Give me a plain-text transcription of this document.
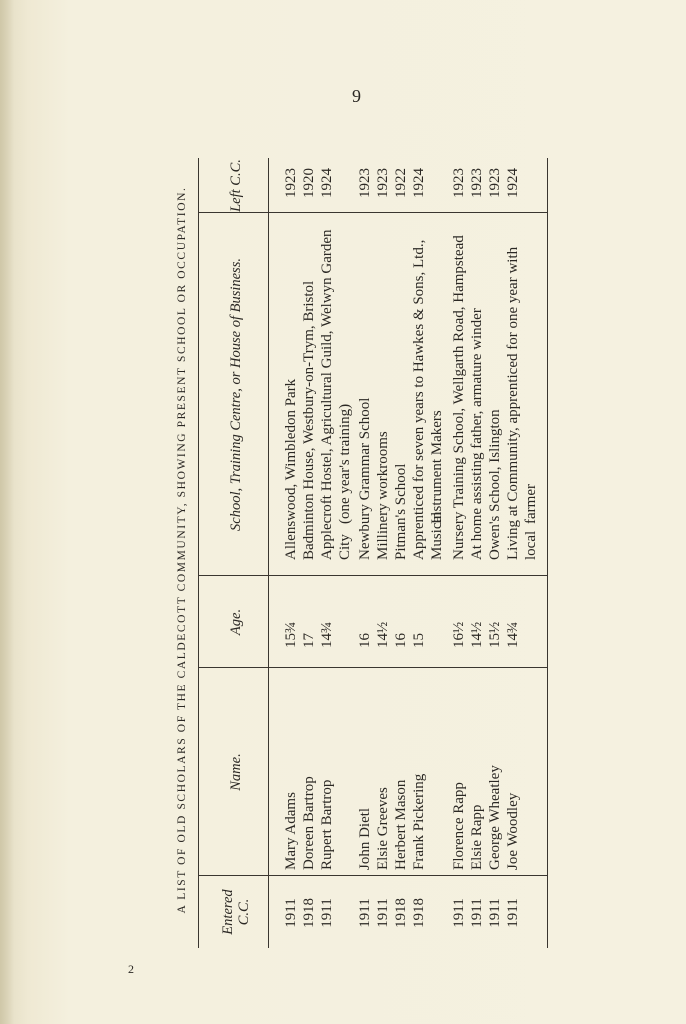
9
2
A LIST OF OLD SCHOLARS OF THE CALDECOTT COMMUNITY, SHOWING PRESENT SCHOOL OR OCCUPATION.	Entered C.C.
Name.
Age.
School, Training Centre, or House of Business.
Left C.C.
1911
Mary Adams
15¾
Allenswood, Wimbledon Park
1923
1918
Doreen Bartrop
17
Badminton House, Westbury-on-Trym, Bristol
1920
1911
Rupert Bartrop
14¾
Applecroft Hostel, Agricultural Guild, Welwyn Garden City
1924
(one year's training)
1911
John Dietl
16
Newbury Grammar School
1923
1911
Elsie Greeves
14½
Millinery workrooms
1923
1918
Herbert Mason
16
Pitman's School
1922
1918
Frank Pickering
15
Apprenticed for seven years to Hawkes & Sons, Ltd., Musical
1924
Instrument Makers
1911
Florence Rapp
16½
Nursery Training School, Wellgarth Road, Hampstead
1923
1911
Elsie Rapp
14½
At home assisting father, armature winder
1923
1911
George Wheatley
15½
Owen's School, Islington
1923
1911
Joe Woodley
14¾
Living at Community, apprenticed for one year with local
1924
farmer
